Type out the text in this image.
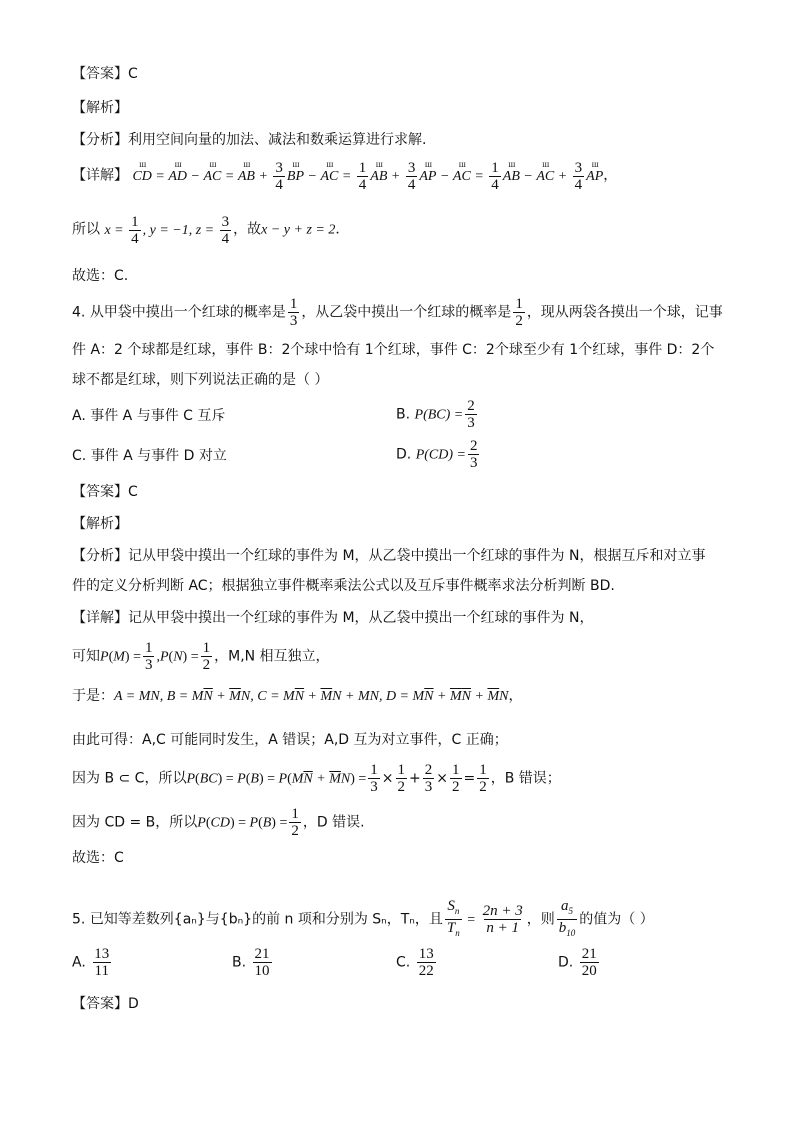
【答案】C
【解析】
【分析】利用空间向量的加法、减法和数乘运算进行求解.
【详解】 ш CD = ш AD − ш AC = ш AB + $\frac{3}{4}$ ш BP − ш AC = $\frac{1}{4}$ ш AB + $\frac{3}{4}$ ш AP − ш AC = $\frac{1}{4}$ ш AB − ш AC + $\frac{3}{4}$ ш AP，
所以 $x = \frac{1}{4}$ , y = −1, $z = \frac{3}{4}$ ，故x − y + z = 2．
故选：C.
4. 从甲袋中摸出一个红球的概率是 $\frac{1}{3}$ ，从乙袋中摸出一个红球的概率是 $\frac{1}{2}$ ，现从两袋各摸出一个球，记事
件 A：2 个球都是红球，事件 B：2个球中恰有 1个红球，事件 C：2个球至少有 1个红球，事件 D：2个
球不都是红球，则下列说法正确的是（ ）
A. 事件 A 与事件 C 互斥	B. $P(BC) = \frac{2}{3}$
C. 事件 A 与事件 D 对立	D. $P(CD) = \frac{2}{3}$
【答案】C
【解析】
【分析】记从甲袋中摸出一个红球的事件为 M，从乙袋中摸出一个红球的事件为 N，根据互斥和对立事
件的定义分析判断 AC；根据独立事件概率乘法公式以及互斥事件概率求法分析判断 BD.
【详解】记从甲袋中摸出一个红球的事件为 M，从乙袋中摸出一个红球的事件为 N，
可知$P(M) = \frac{1}{3} ,P(N) = \frac{1}{2}$ ，M,N 相互独立，
于是：A = MN, $B = M\overline{N} + \overline{M}N$, $C = M\overline{N} + \overline{M}N$ + MN, $D = M\overline{N} + \overline{M}\overline{N} + \overline{M}N$，
由此可得：A,C 可能同时发生，A 错误；A,D 互为对立事件，C 正确；
因为 B ⊂ C，所以$P(BC) = P(B) = P(M\overline{N} + \overline{M}N) = \frac{1}{3} \times \frac{1}{2} + \frac{2}{3} \times \frac{1}{2} = \frac{1}{2}$ ，B 错误；
因为 CD = B，所以$P(CD) = P(B) = \frac{1}{2}$ ，D 错误.
故选：C
5. 已知等差数列{aₙ}与{bₙ}的前 n 项和分别为 Sₙ，Tₙ，且 $\frac{S_n}{T_n} = \frac{2n + 3}{n + 1}$ ，则 $\frac{a_5}{b_{10}}$ 的值为（ ）
A. $\frac{13}{11}$	B. $\frac{21}{10}$	C. $\frac{13}{22}$	D. $\frac{21}{20}$
【答案】D
